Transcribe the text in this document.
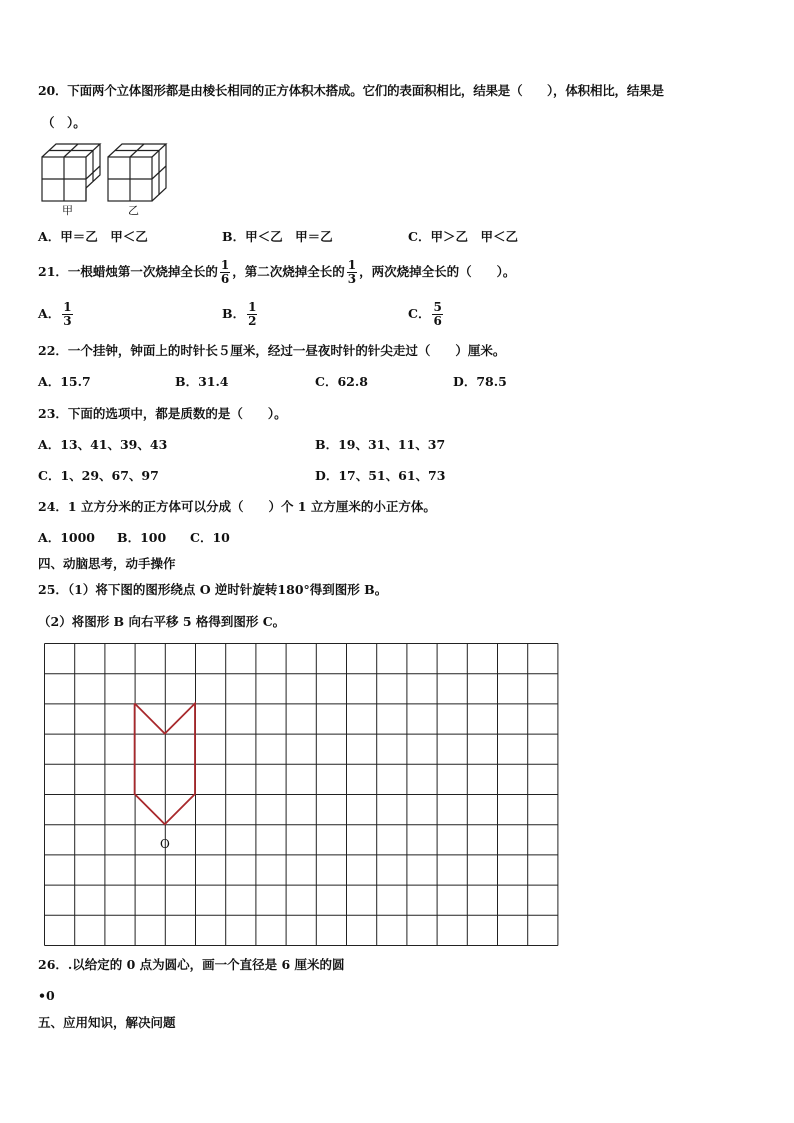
20．下面两个立体图形都是由棱长相同的正方体积木搭成。它们的表面积相比，结果是（　　），体积相比，结果是
（　）。
甲	乙
A．甲＝乙　甲＜乙	B．甲＜乙　甲＝乙	C．甲＞乙　甲＜乙
21．一根蜡烛第一次烧掉全长的 $\frac{1}{6}$ ，第二次烧掉全长的 $\frac{1}{3}$ ，两次烧掉全长的（　　）。
A． $\frac{1}{3}$	B． $\frac{1}{2}$	C． $\frac{5}{6}$
22．一个挂钟，钟面上的时针长５厘米，经过一昼夜时针的针尖走过（　　）厘米。
A．15.7	B．31.4	C．62.8	D．78.5
23．下面的选项中，都是质数的是（　　）。
A．13、41、39、43	B．19、31、11、37
C．1、29、67、97	D．17、51、61、73
24．1 立方分米的正方体可以分成（　　）个 1 立方厘米的小正方体。
A．1000 B．100 C．10
四、动脑思考，动手操作
25．（1）将下图的图形绕点 O 逆时针旋转180°得到图形 B。
（2）将图形 B 向右平移 5 格得到图形 C。
O
26．.以给定的 0 点为圆心，画一个直径是 6 厘米的圆
•0
五、应用知识，解决问题
